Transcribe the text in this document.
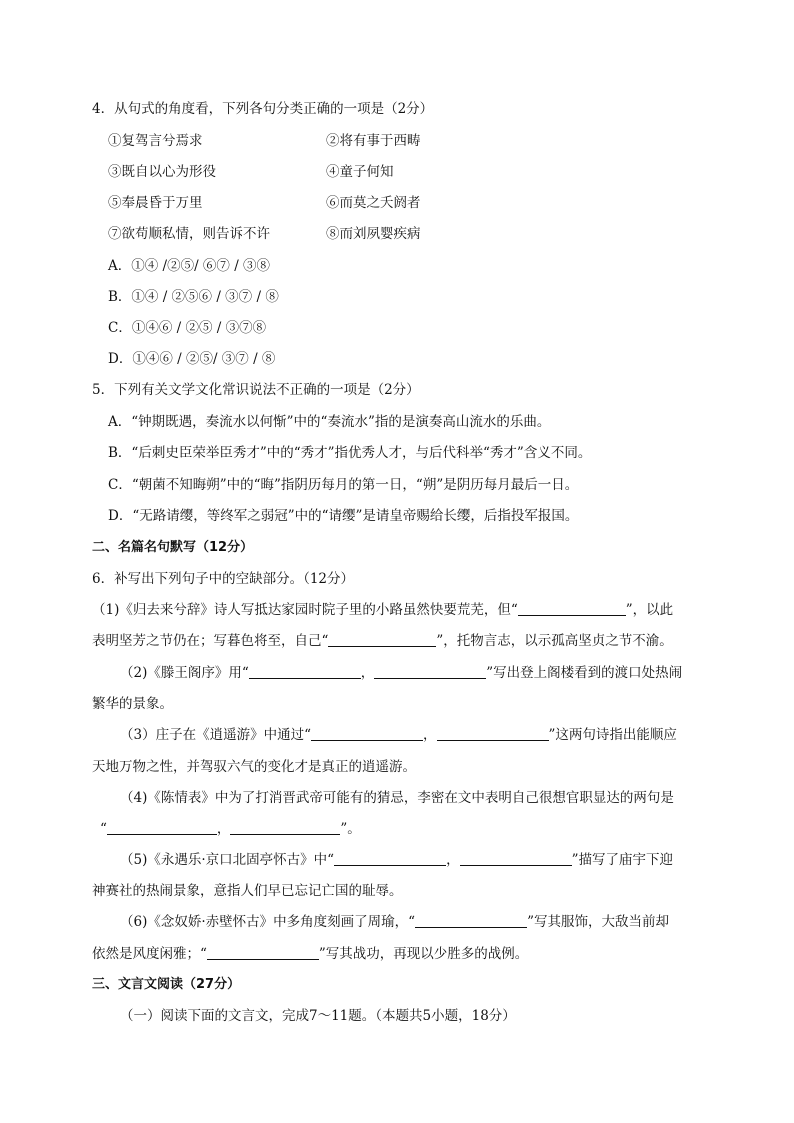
4．从句式的角度看，下列各句分类正确的一项是（2分）
①复驾言兮焉求	②将有事于西畴
③既自以心为形役	④童子何知
⑤奉晨昏于万里	⑥而莫之夭阏者
⑦欲苟顺私情，则告诉不许	⑧而刘夙婴疾病
A．①④ /②⑤/ ⑥⑦ / ③⑧
B．①④ / ②⑤⑥ / ③⑦ / ⑧
C．①④⑥ / ②⑤ / ③⑦⑧
D．①④⑥ / ②⑤/ ③⑦ / ⑧
5．下列有关文学文化常识说法不正确的一项是（2分）
A．“钟期既遇，奏流水以何惭”中的“奏流水”指的是演奏高山流水的乐曲。
B．“后刺史臣荣举臣秀才”中的“秀才”指优秀人才，与后代科举“秀才”含义不同。
C．“朝菌不知晦朔”中的“晦”指阴历每月的第一日，“朔”是阴历每月最后一日。
D．“无路请缨，等终军之弱冠”中的“请缨”是请皇帝赐给长缨，后指投军报国。
二、名篇名句默写（12分）
6．补写出下列句子中的空缺部分。（12分）
（1)《归去来兮辞》诗人写抵达家园时院子里的小路虽然快要荒芜，但“	”，以此
表明坚芳之节仍在；写暮色将至，自己“	”，托物言志，以示孤高坚贞之节不渝。
（2)《滕王阁序》用“	，	”写出登上阁楼看到的渡口处热闹
繁华的景象。
（3）庄子在《逍遥游》中通过“	，	”这两句诗指出能顺应
天地万物之性，并驾驭六气的变化才是真正的逍遥游。
（4)《陈情表》中为了打消晋武帝可能有的猜忌，李密在文中表明自己很想官职显达的两句是
“	，	”。
（5)《永遇乐·京口北固亭怀古》中“	，	”描写了庙宇下迎
神赛社的热闹景象，意指人们早已忘记亡国的耻辱。
（6)《念奴娇·赤壁怀古》中多角度刻画了周瑜，“	”写其服饰，大敌当前却
依然是风度闲雅；“	”写其战功，再现以少胜多的战例。
三、文言文阅读（27分）
（一）阅读下面的文言文，完成7～11题。（本题共5小题，18分）
